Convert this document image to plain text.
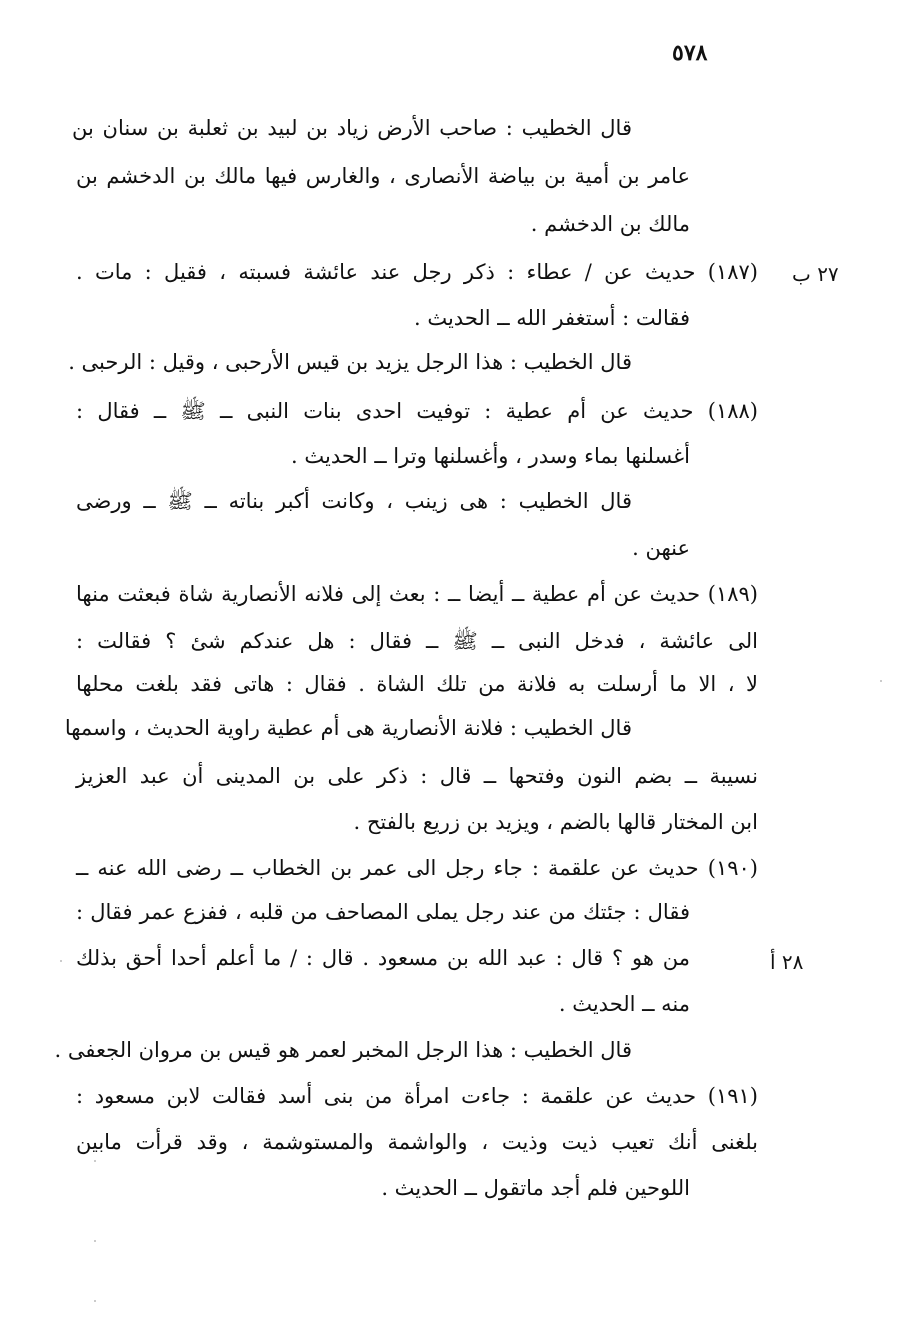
٥٧٨
٢٧ ب
٢٨ أ
قال الخطيب : صاحب الأرض زياد بن لبيد بن ثعلبة بن سنان بن
عامر بن أمية بن بياضة الأنصارى ، والغارس فيها مالك بن الدخشم بن
مالك بن الدخشم .
(١٨٧) حديث عن / عطاء : ذكر رجل عند عائشة فسبته ، فقيل : مات .
فقالت : أستغفر الله ــ الحديث .
قال الخطيب : هذا الرجل يزيد بن قيس الأرحبى ، وقيل : الرحبى .
(١٨٨) حديث عن أم عطية : توفيت احدى بنات النبى ــ ﷺ ــ فقال :
أغسلنها بماء وسدر ، وأغسلنها وترا ــ الحديث .
قال الخطيب : هى زينب ، وكانت أكبر بناته ــ ﷺ ــ ورضى
عنهن .
(١٨٩) حديث عن أم عطية ــ أيضا ــ : بعث إلى فلانه الأنصارية شاة فبعثت منها
الى عائشة ، فدخل النبى ــ ﷺ ــ فقال : هل عندكم شئ ؟ فقالت :
لا ، الا ما أرسلت به فلانة من تلك الشاة . فقال : هاتى فقد بلغت محلها
قال الخطيب : فلانة الأنصارية هى أم عطية راوية الحديث ، واسمها
نسيبة ــ بضم النون وفتحها ــ قال : ذكر على بن المدينى أن عبد العزيز
ابن المختار قالها بالضم ، ويزيد بن زريع بالفتح .
(١٩٠) حديث عن علقمة : جاء رجل الى عمر بن الخطاب ــ رضى الله عنه ــ
فقال : جئتك من عند رجل يملى المصاحف من قلبه ، ففزع عمر فقال :
من هو ؟ قال : عبد الله بن مسعود . قال : / ما أعلم أحدا أحق بذلك
منه ــ الحديث .
قال الخطيب : هذا الرجل المخبر لعمر هو قيس بن مروان الجعفى .
(١٩١) حديث عن علقمة : جاءت امرأة من بنى أسد فقالت لابن مسعود :
بلغنى أنك تعيب ذيت وذيت ، والواشمة والمستوشمة ، وقد قرأت مابين
اللوحين فلم أجد ماتقول ــ الحديث .
